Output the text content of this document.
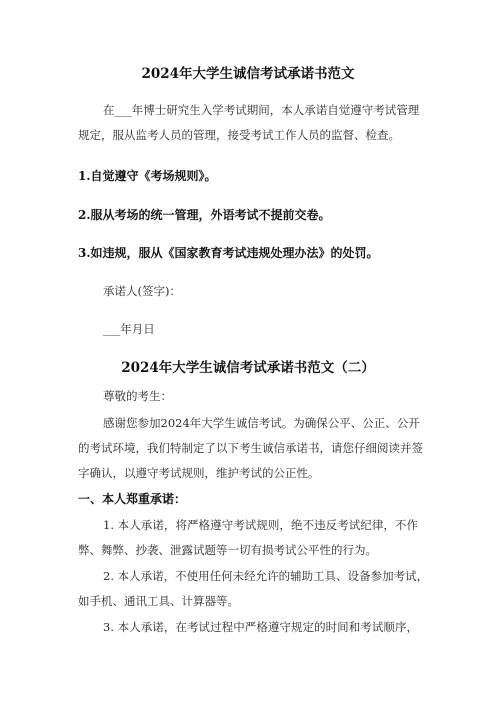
2024年大学生诚信考试承诺书范文
在___年博士研究生入学考试期间，本人承诺自觉遵守考试管理
规定，服从监考人员的管理，接受考试工作人员的监督、检查。
1.自觉遵守《考场规则》。
2.服从考场的统一管理，外语考试不提前交卷。
3.如违规，服从《国家教育考试违规处理办法》的处罚。
承诺人(签字)：
___年月日
2024年大学生诚信考试承诺书范文（二）
尊敬的考生：
感谢您参加2024年大学生诚信考试。为确保公平、公正、公开
的考试环境，我们特制定了以下考生诚信承诺书，请您仔细阅读并签
字确认，以遵守考试规则，维护考试的公正性。
一、本人郑重承诺：
1. 本人承诺，将严格遵守考试规则，绝不违反考试纪律，不作
弊、舞弊、抄袭、泄露试题等一切有损考试公平性的行为。
2. 本人承诺，不使用任何未经允许的辅助工具、设备参加考试，
如手机、通讯工具、计算器等。
3. 本人承诺，在考试过程中严格遵守规定的时间和考试顺序，
